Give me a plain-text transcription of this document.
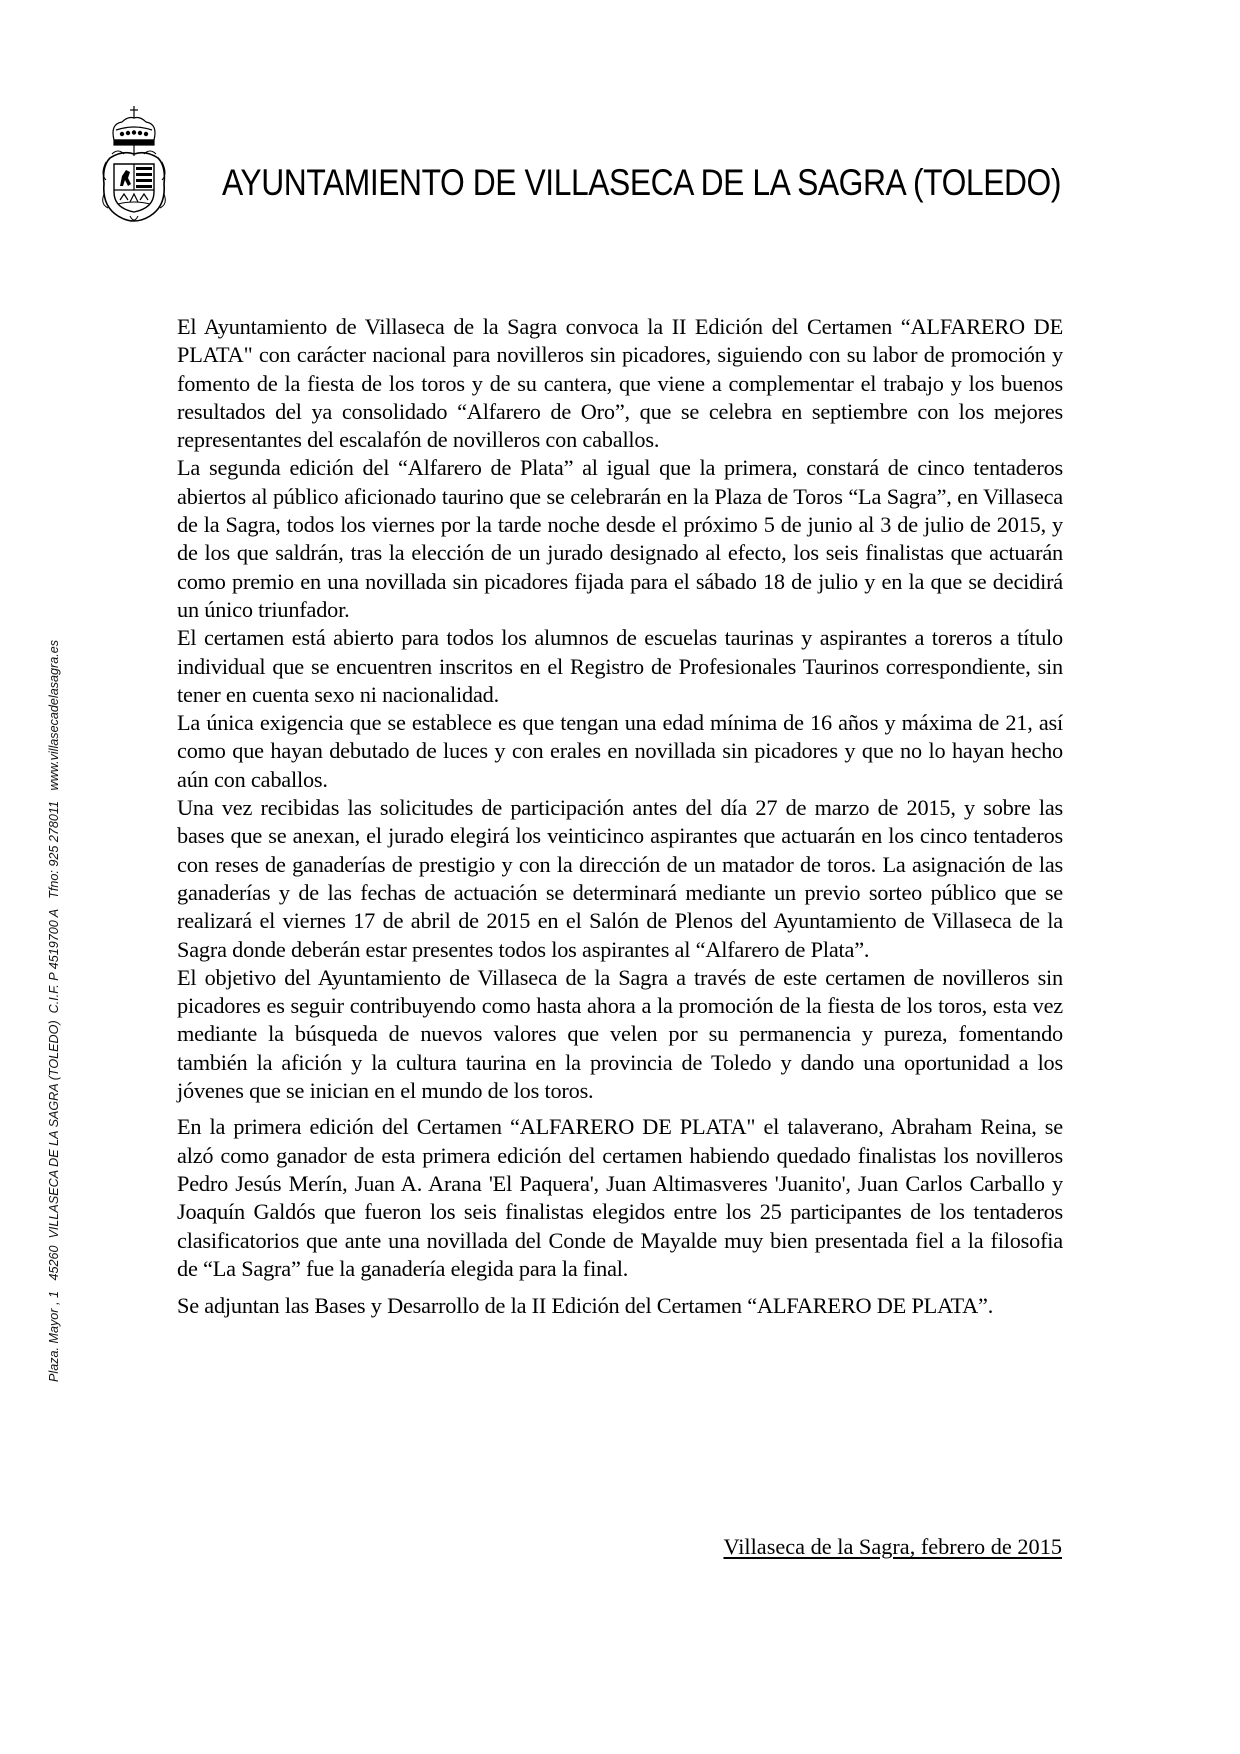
AYUNTAMIENTO DE VILLASECA DE LA SAGRA (TOLEDO)
Plaza. Mayor , 1   45260  VILLASECA DE LA SAGRA (TOLEDO)  C.I.F. P 4519700 A   Tfno: 925 278011   www.villasecadelasagra.es

El Ayuntamiento de Villaseca de la Sagra convoca la II Edición del Certamen “ALFARERO DE PLATA" con carácter nacional para novilleros sin picadores, siguiendo con su labor de promoción y fomento de la fiesta de los toros y de su cantera, que viene a complementar el trabajo y los buenos resultados del ya consolidado “Alfarero de Oro”, que se celebra en septiembre con los mejores representantes del escalafón de novilleros con caballos.

La segunda edición del “Alfarero de Plata” al igual que la primera, constará de cinco tentaderos abiertos al público aficionado taurino que se celebrarán en la Plaza de Toros “La Sagra”, en Villaseca de la Sagra, todos los viernes por la tarde noche desde el próximo 5 de junio al 3 de julio de 2015, y de los que saldrán, tras la elección de un jurado designado al efecto, los seis finalistas que actuarán como premio en una novillada sin picadores fijada para el sábado 18 de julio y en la que se decidirá un único triunfador.

El certamen está abierto para todos los alumnos de escuelas taurinas y aspirantes a toreros a título individual que se encuentren inscritos en el Registro de Profesionales Taurinos correspondiente, sin tener en cuenta sexo ni nacionalidad.

La única exigencia que se establece es que tengan una edad mínima de 16 años y máxima de 21, así como que hayan debutado de luces y con erales en novillada sin picadores y que no lo hayan hecho aún con caballos.

Una vez recibidas las solicitudes de participación antes del día 27 de marzo de 2015, y sobre las bases que se anexan, el jurado elegirá los veinticinco aspirantes que actuarán en los cinco tentaderos con reses de ganaderías de prestigio y con la dirección de un matador de toros. La asignación de las ganaderías y de las fechas de actuación se determinará mediante un previo sorteo público que se realizará el viernes 17 de abril de 2015 en el Salón de Plenos del Ayuntamiento de Villaseca de la Sagra donde deberán estar presentes todos los aspirantes al “Alfarero de Plata”.

El objetivo del Ayuntamiento de Villaseca de la Sagra a través de este certamen de novilleros sin picadores es seguir contribuyendo como hasta ahora a la promoción de la fiesta de los toros, esta vez mediante la búsqueda de nuevos valores que velen por su permanencia y pureza, fomentando también la afición y la cultura taurina en la provincia de Toledo y dando una oportunidad a los jóvenes que se inician en el mundo de los toros.

En la primera edición del Certamen “ALFARERO DE PLATA" el talaverano, Abraham Reina, se alzó como ganador de esta primera edición del certamen habiendo quedado finalistas los novilleros Pedro Jesús Merín, Juan A. Arana 'El Paquera', Juan Altimasveres 'Juanito', Juan Carlos Carballo y Joaquín Galdós que fueron los seis finalistas elegidos entre los 25 participantes de los tentaderos clasificatorios que ante una novillada del Conde de Mayalde muy bien presentada fiel a la filosofia de “La Sagra” fue la ganadería elegida para la final.

Se adjuntan las Bases y Desarrollo de la II Edición del Certamen “ALFARERO DE PLATA”.

Villaseca de la Sagra, febrero de 2015
